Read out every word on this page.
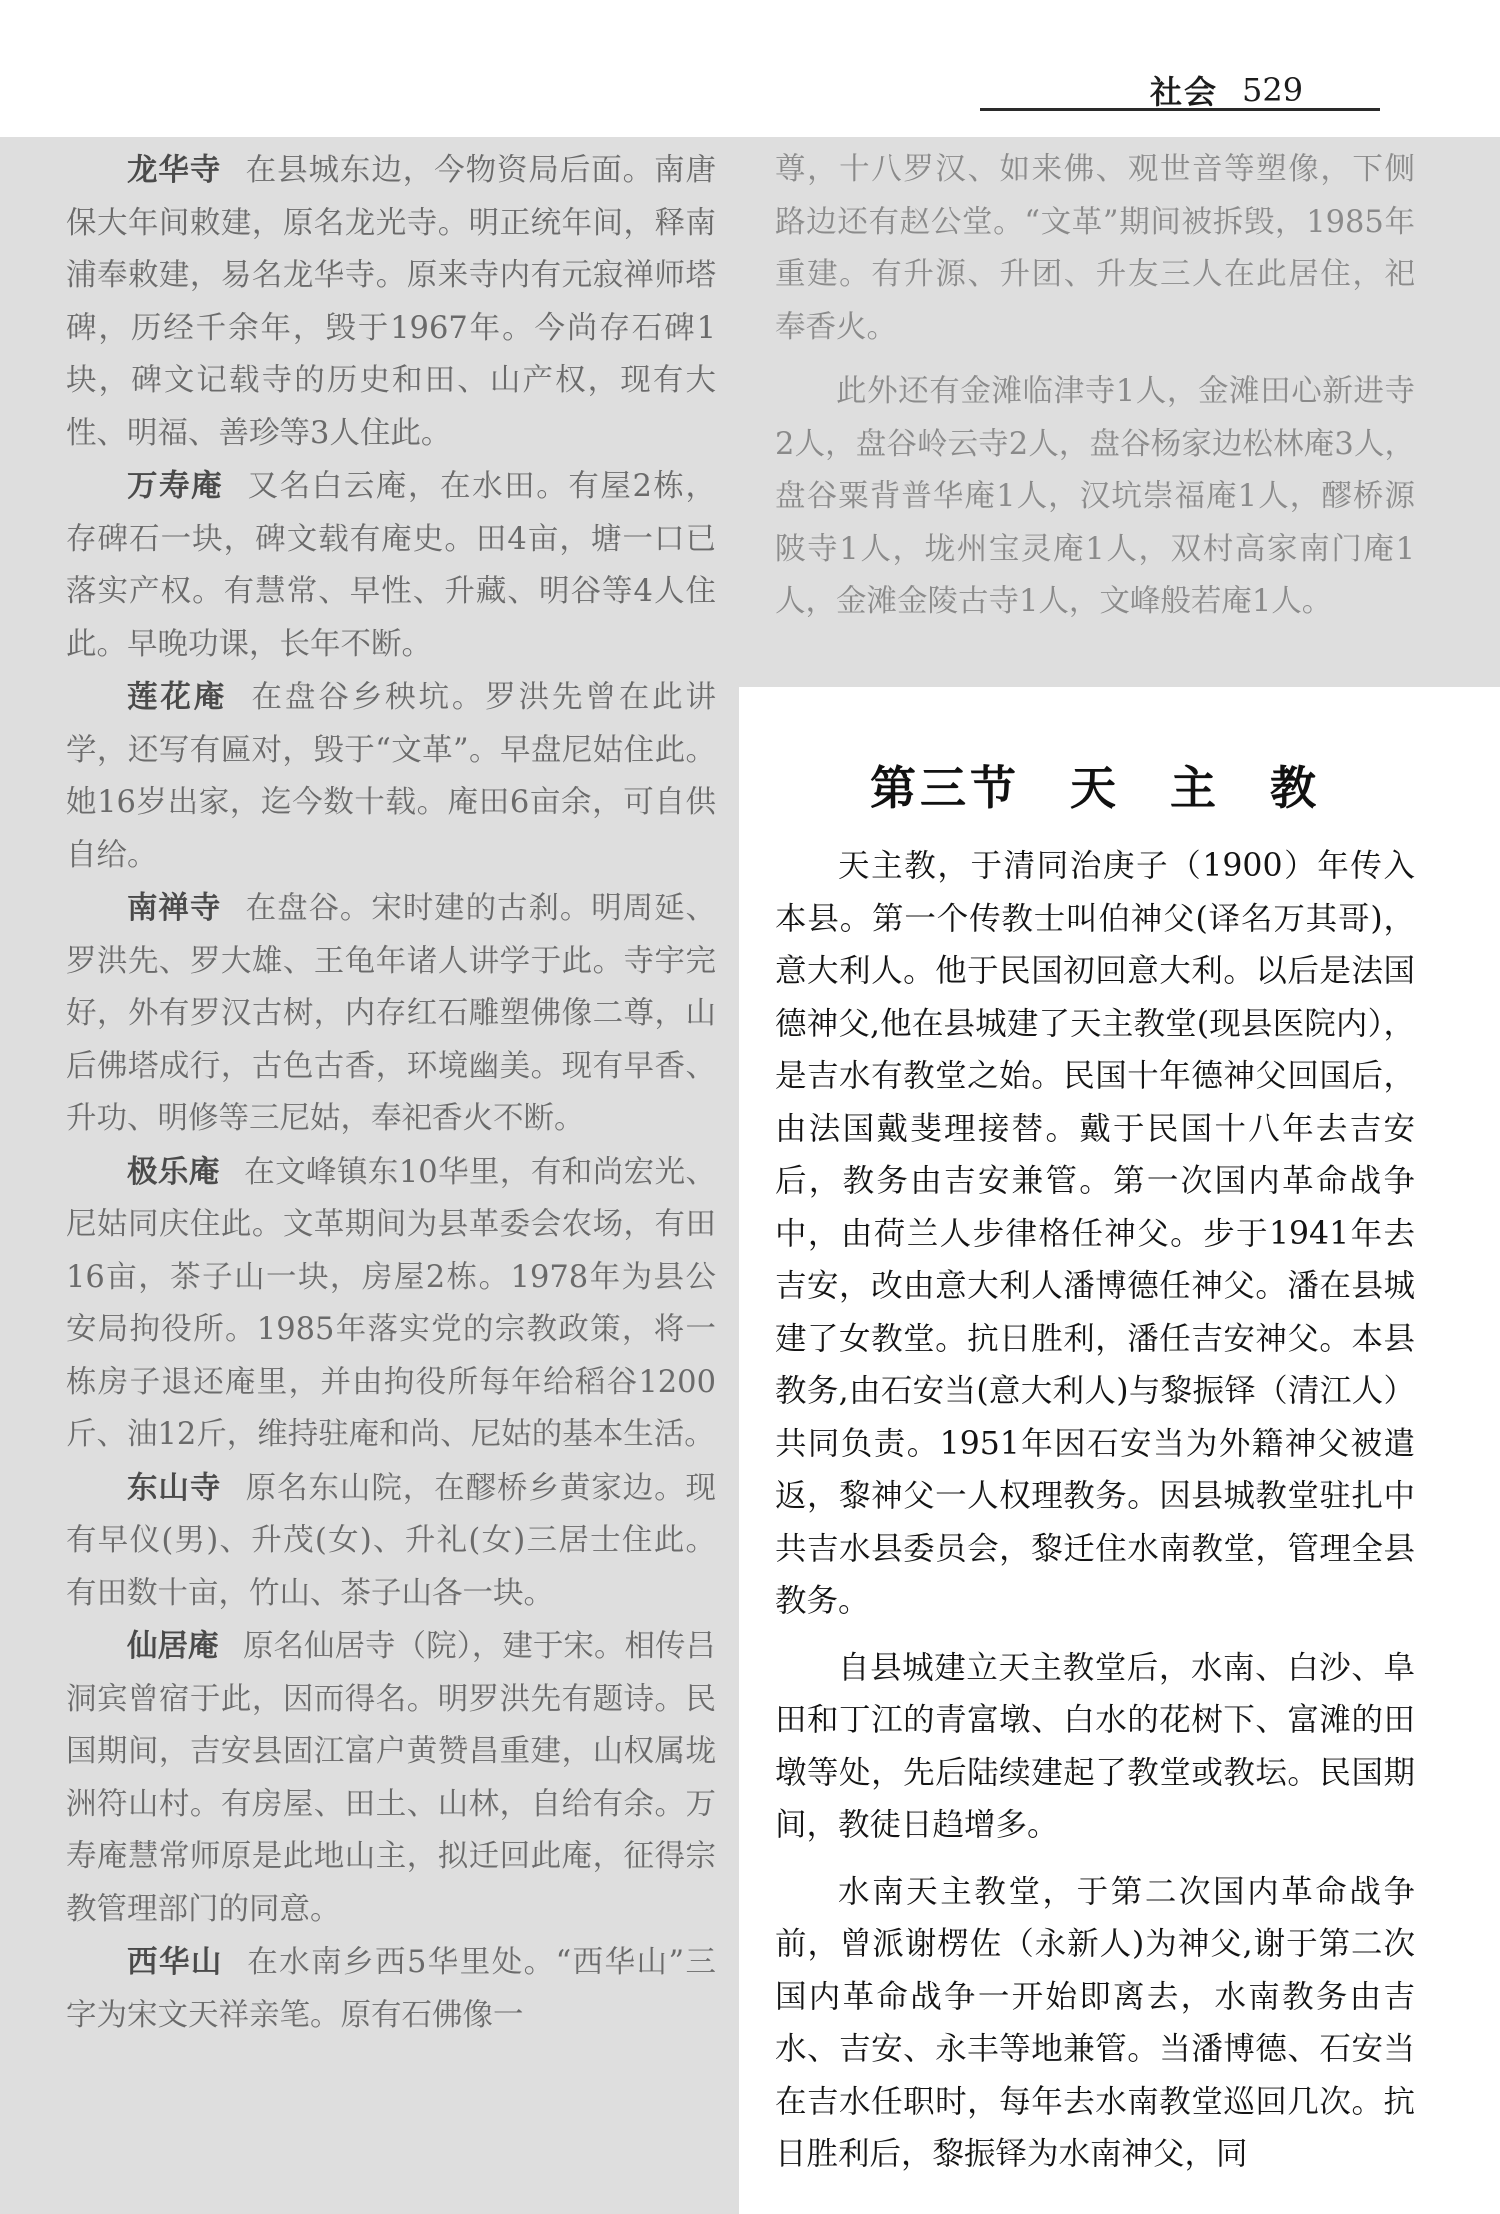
社会 529

龙华寺 在县城东边，今物资局后面。南唐保大年间敕建，原名龙光寺。明正统年间，释南浦奉敕建，易名龙华寺。原来寺内有元寂禅师塔碑，历经千余年，毁于1967年。今尚存石碑1块，碑文记载寺的历史和田、山产权，现有大性、明福、善珍等3人住此。

万寿庵 又名白云庵，在水田。有屋2栋，存碑石一块，碑文载有庵史。田4亩，塘一口已落实产权。有慧常、早性、升藏、明谷等4人住此。早晚功课，长年不断。

莲花庵 在盘谷乡秧坑。罗洪先曾在此讲学，还写有匾对，毁于“文革”。早盘尼姑住此。她16岁出家，迄今数十载。庵田6亩余，可自供自给。

南禅寺 在盘谷。宋时建的古刹。明周延、罗洪先、罗大雄、王龟年诸人讲学于此。寺宇完好，外有罗汉古树，内存红石雕塑佛像二尊，山后佛塔成行，古色古香，环境幽美。现有早香、升功、明修等三尼姑，奉祀香火不断。

极乐庵 在文峰镇东10华里，有和尚宏光、尼姑同庆住此。文革期间为县革委会农场，有田16亩，茶子山一块，房屋2栋。1978年为县公安局拘役所。1985年落实党的宗教政策，将一栋房子退还庵里，并由拘役所每年给稻谷1200斤、油12斤，维持驻庵和尚、尼姑的基本生活。

东山寺 原名东山院，在醪桥乡黄家边。现有早仪(男)、升茂(女)、升礼(女)三居士住此。有田数十亩，竹山、茶子山各一块。

仙居庵 原名仙居寺（院），建于宋。相传吕洞宾曾宿于此，因而得名。明罗洪先有题诗。民国期间，吉安县固江富户黄赞昌重建，山权属垅洲符山村。有房屋、田土、山林，自给有余。万寿庵慧常师原是此地山主，拟迁回此庵，征得宗教管理部门的同意。

西华山 在水南乡西5华里处。“西华山”三字为宋文天祥亲笔。原有石佛像一

尊，十八罗汉、如来佛、观世音等塑像，下侧路边还有赵公堂。“文革”期间被拆毁，1985年重建。有升源、升团、升友三人在此居住，祀奉香火。

此外还有金滩临津寺1人，金滩田心新进寺2人，盘谷岭云寺2人，盘谷杨家边松林庵3人，盘谷粟背普华庵1人，汉坑崇福庵1人，醪桥源陂寺1人，垅州宝灵庵1人，双村高家南门庵1人，金滩金陵古寺1人，文峰般若庵1人。

第三节　天　主　教

天主教，于清同治庚子（1900）年传入本县。第一个传教士叫伯神父(译名万其哥)，意大利人。他于民国初回意大利。以后是法国德神父,他在县城建了天主教堂(现县医院内），是吉水有教堂之始。民国十年德神父回国后，由法国戴斐理接替。戴于民国十八年去吉安后，教务由吉安兼管。第一次国内革命战争中，由荷兰人步律格任神父。步于1941年去吉安，改由意大利人潘博德任神父。潘在县城建了女教堂。抗日胜利，潘任吉安神父。本县教务,由石安当(意大利人)与黎振铎（清江人）共同负责。1951年因石安当为外籍神父被遣返，黎神父一人权理教务。因县城教堂驻扎中共吉水县委员会，黎迁住水南教堂，管理全县教务。

自县城建立天主教堂后，水南、白沙、阜田和丁江的青富墩、白水的花树下、富滩的田墩等处，先后陆续建起了教堂或教坛。民国期间，教徒日趋增多。

水南天主教堂，于第二次国内革命战争前，曾派谢楞佐（永新人)为神父,谢于第二次国内革命战争一开始即离去，水南教务由吉水、吉安、永丰等地兼管。当潘博德、石安当在吉水任职时，每年去水南教堂巡回几次。抗日胜利后，黎振铎为水南神父，同
